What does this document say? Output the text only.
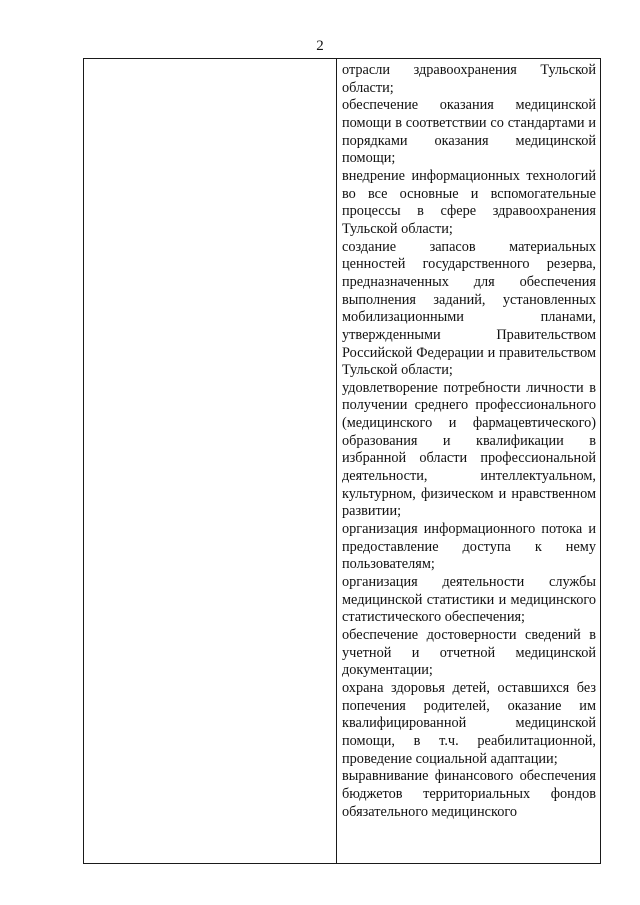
2

отрасли здравоохранения Тульской области;

обеспечение оказания медицинской помощи в соответствии со стандартами и порядками оказания медицинской помощи;

внедрение информационных технологий во все основные и вспомогательные процессы в сфере здравоохранения Тульской области;

создание запасов материальных ценностей государственного резерва, предназначенных для обеспечения выполнения заданий, установленных мобилизационными планами, утвержденными Правительством Российской Федерации и правительством Тульской области;

удовлетворение потребности личности в получении среднего профессионального (медицинского и фармацевтического) образования и квалификации в избранной области профессиональной деятельности, интеллектуальном, культурном, физическом и нравственном развитии;

организация информационного потока и предоставление доступа к нему пользователям;

организация деятельности службы медицинской статистики и медицинского статистического обеспечения;

обеспечение достоверности сведений в учетной и отчетной медицинской документации;

охрана здоровья детей, оставшихся без попечения родителей, оказание им квалифицированной медицинской помощи, в т.ч. реабилитационной, проведение социальной адаптации;

выравнивание финансового обеспечения бюджетов территориальных фондов обязательного медицинского
